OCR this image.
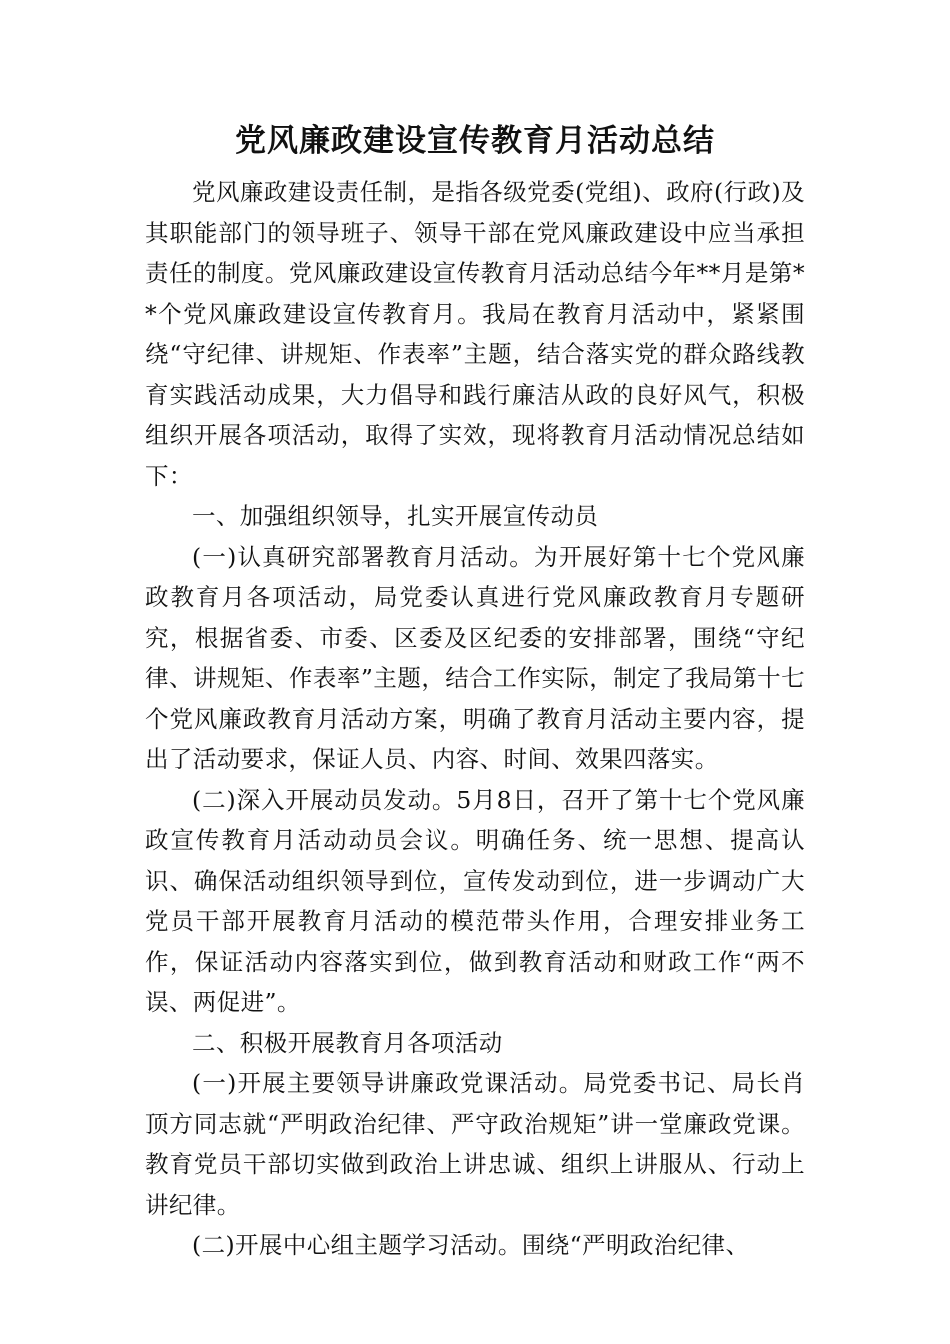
党风廉政建设宣传教育月活动总结

党风廉政建设责任制，是指各级党委(党组)、政府(行政)及其职能部门的领导班子、领导干部在党风廉政建设中应当承担责任的制度。党风廉政建设宣传教育月活动总结今年**月是第**个党风廉政建设宣传教育月。我局在教育月活动中，紧紧围绕“守纪律、讲规矩、作表率”主题，结合落实党的群众路线教育实践活动成果，大力倡导和践行廉洁从政的良好风气，积极组织开展各项活动，取得了实效，现将教育月活动情况总结如下：

一、加强组织领导，扎实开展宣传动员

(一)认真研究部署教育月活动。为开展好第十七个党风廉政教育月各项活动，局党委认真进行党风廉政教育月专题研究，根据省委、市委、区委及区纪委的安排部署，围绕“守纪律、讲规矩、作表率”主题，结合工作实际，制定了我局第十七个党风廉政教育月活动方案，明确了教育月活动主要内容，提出了活动要求，保证人员、内容、时间、效果四落实。

(二)深入开展动员发动。5月8日，召开了第十七个党风廉政宣传教育月活动动员会议。明确任务、统一思想、提高认识、确保活动组织领导到位，宣传发动到位，进一步调动广大党员干部开展教育月活动的模范带头作用，合理安排业务工作，保证活动内容落实到位，做到教育活动和财政工作“两不误、两促进”。

二、积极开展教育月各项活动

(一)开展主要领导讲廉政党课活动。局党委书记、局长肖顶方同志就“严明政治纪律、严守政治规矩”讲一堂廉政党课。教育党员干部切实做到政治上讲忠诚、组织上讲服从、行动上讲纪律。

(二)开展中心组主题学习活动。围绕“严明政治纪律、
